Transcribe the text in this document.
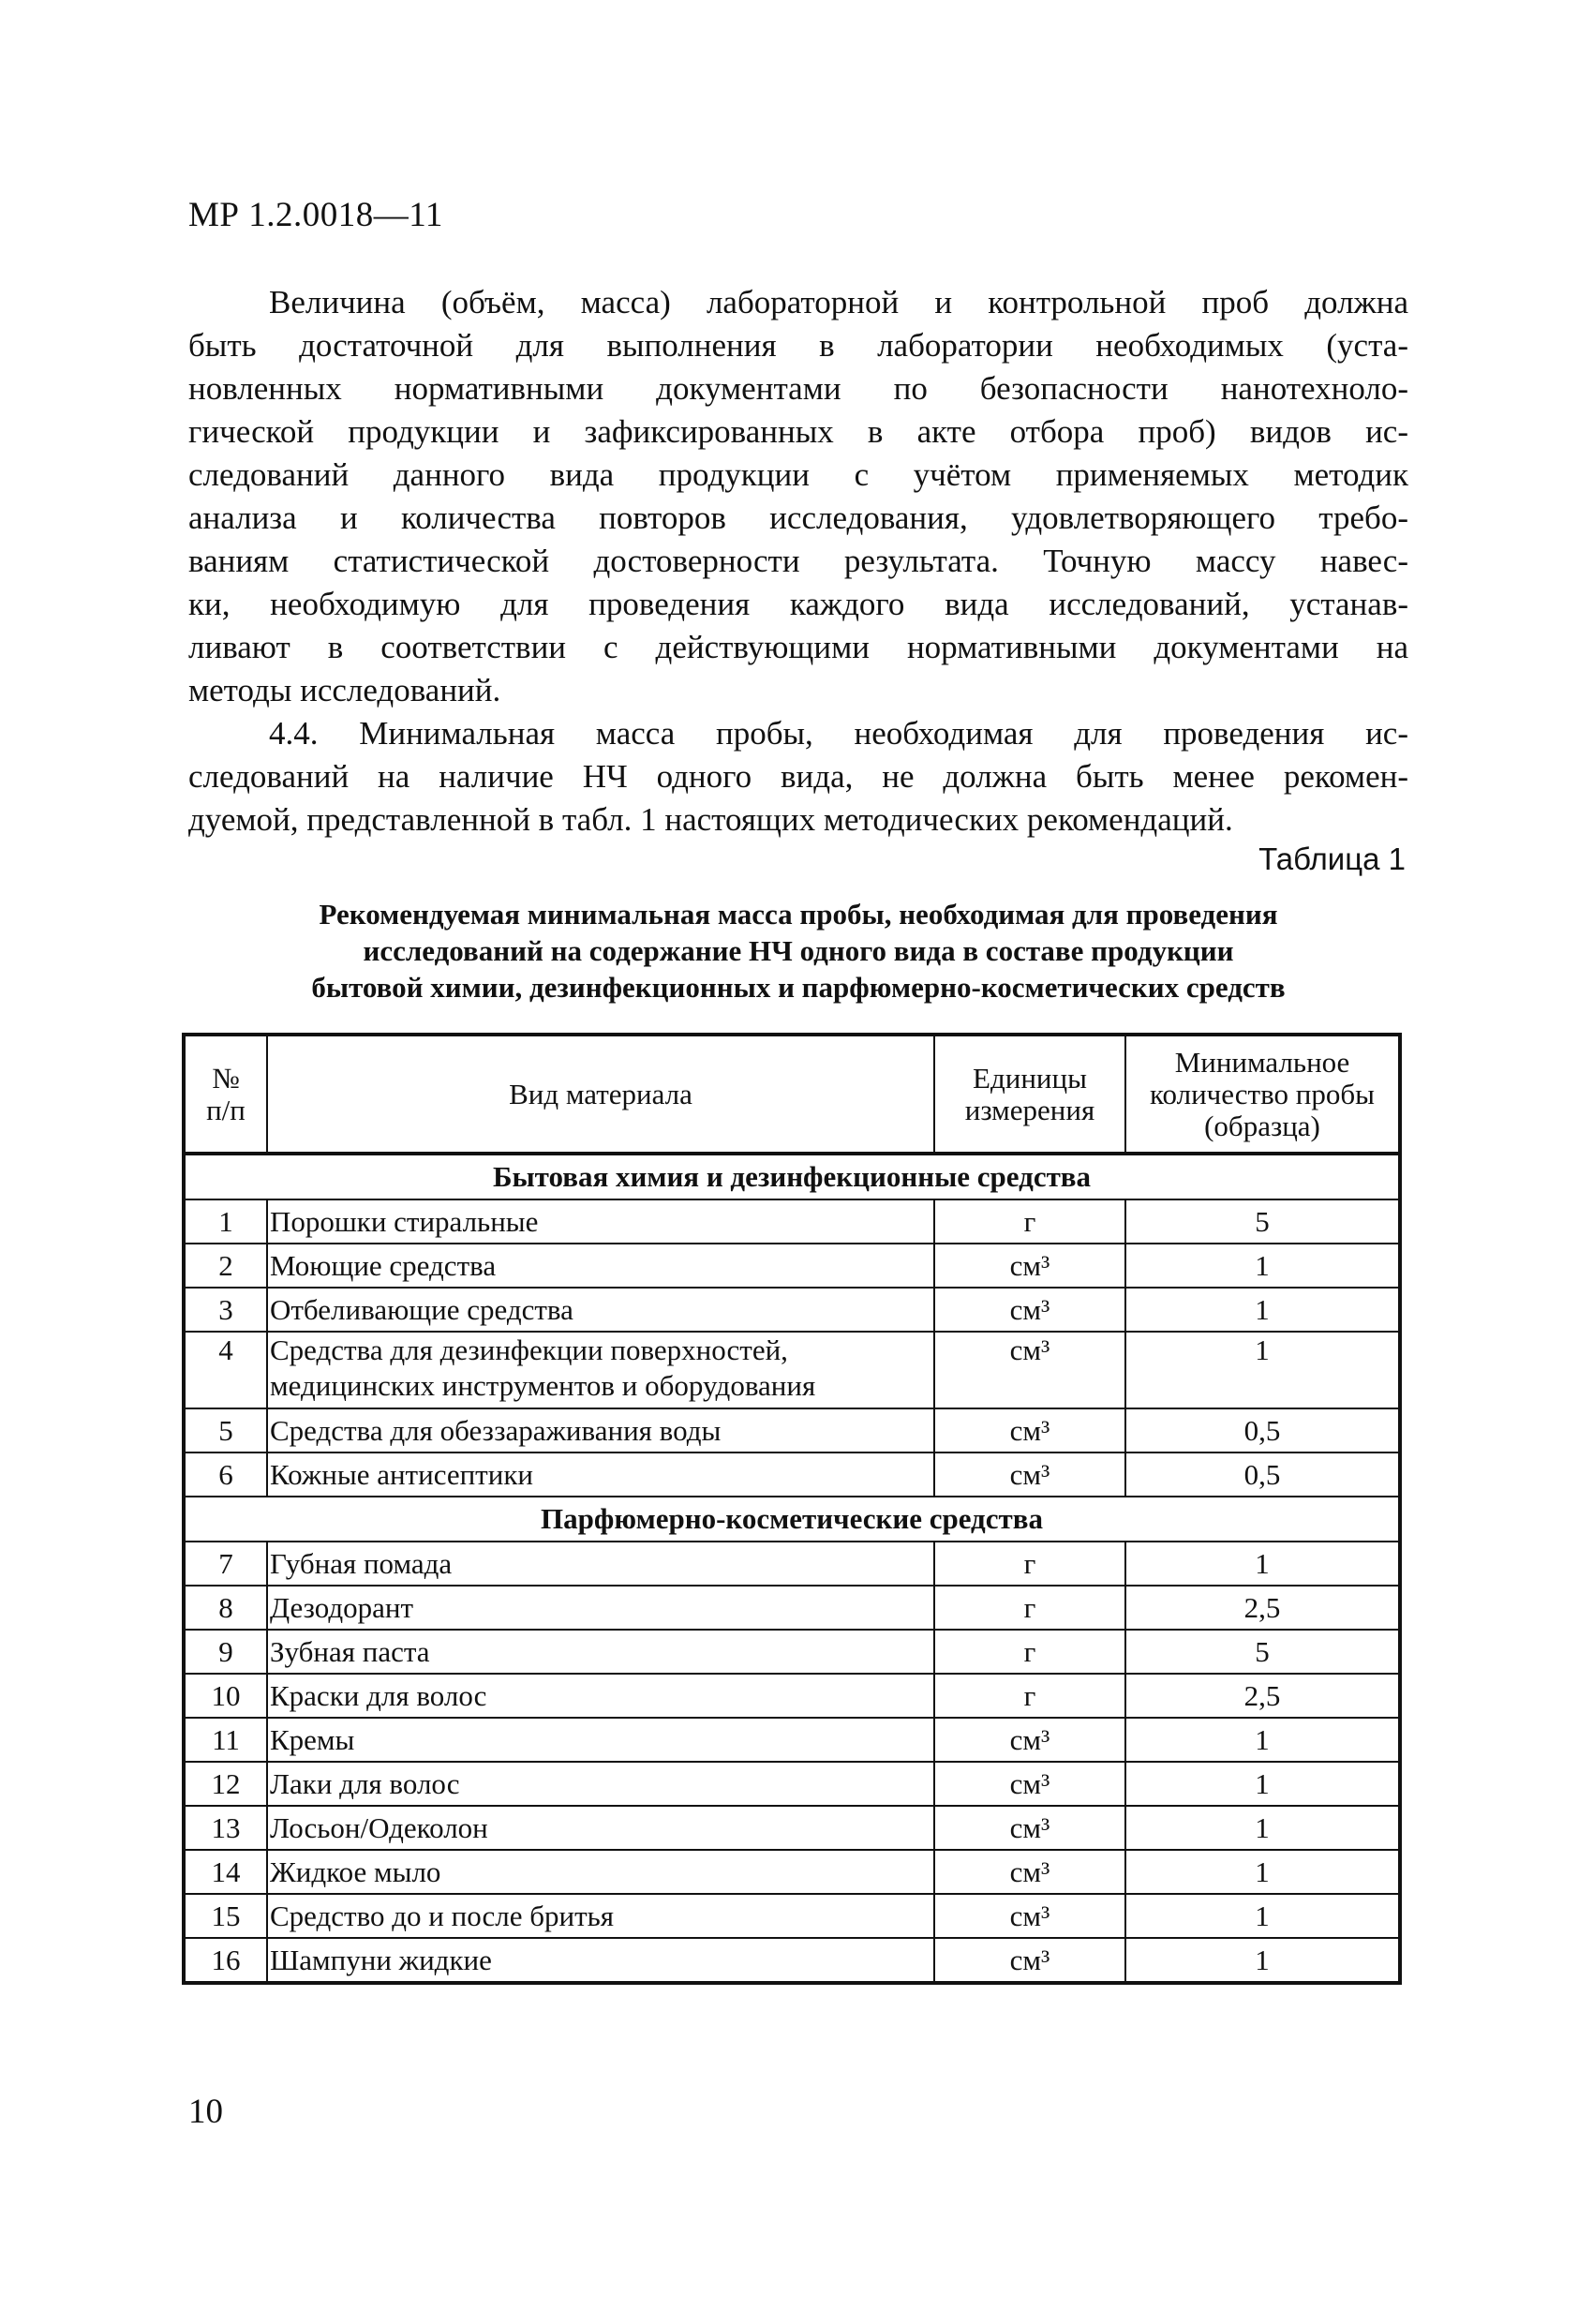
МР 1.2.0018—11
Величина (объём, масса) лабораторной и контрольной проб должна
быть достаточной для выполнения в лаборатории необходимых (уста-
новленных нормативными документами по безопасности нанотехноло-
гической продукции и зафиксированных в акте отбора проб) видов ис-
следований данного вида продукции с учётом применяемых методик
анализа и количества повторов исследования, удовлетворяющего требо-
ваниям статистической достоверности результата. Точную массу навес-
ки, необходимую для проведения каждого вида исследований, устанав-
ливают в соответствии с действующими нормативными документами на
методы исследований.
4.4. Минимальная масса пробы, необходимая для проведения ис-
следований на наличие НЧ одного вида, не должна быть менее рекомен-
дуемой, представленной в табл. 1 настоящих методических рекомендаций.
Таблица 1
Рекомендуемая минимальная масса пробы, необходимая для проведения
исследований на содержание НЧ одного вида в составе продукции
бытовой химии, дезинфекционных и парфюмерно-косметических средств
№ п/п	Вид материала	Единицы измерения	Минимальное количество пробы (образца)
Бытовая химия и дезинфекционные средства			
1	Порошки стиральные	г	5
2	Моющие средства	см³	1
3	Отбеливающие средства	см³	1
4	Средства для дезинфекции поверхностей, медицинских инструментов и оборудования	см³	1
5	Средства для обеззараживания воды	см³	0,5
6	Кожные антисептики	см³	0,5
Парфюмерно-косметические средства			
7	Губная помада	г	1
8	Дезодорант	г	2,5
9	Зубная паста	г	5
10	Краски для волос	г	2,5
11	Кремы	см³	1
12	Лаки для волос	см³	1
13	Лосьон/Одеколон	см³	1
14	Жидкое мыло	см³	1
15	Средство до и после бритья	см³	1
16	Шампуни жидкие	см³	1
10
